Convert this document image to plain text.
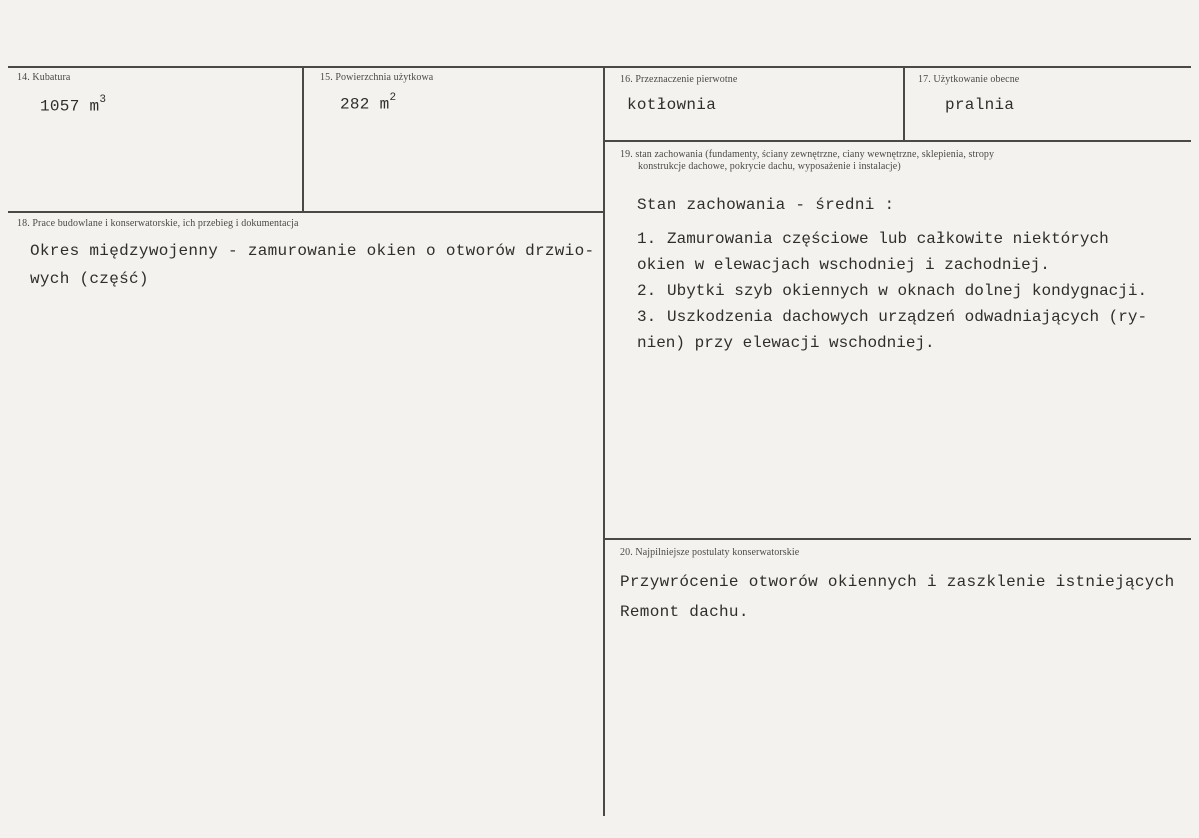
14. Kubatura
1057 $m^3$
15. Powierzchnia użytkowa
282 $m^2$
16. Przeznaczenie pierwotne
kotłownia
17. Użytkowanie obecne
pralnia
18. Prace budowlane i konserwatorskie, ich przebieg i dokumentacja
Okres międzywojenny - zamurowanie okien o otworów drzwio-
wych (część)
19. stan zachowania (fundamenty, ściany zewnętrzne, ciany wewnętrzne, sklepienia, stropy
konstrukcje dachowe, pokrycie dachu, wyposażenie i instalacje)
Stan zachowania - średni :
1. Zamurowania częściowe lub całkowite niektórych
okien w elewacjach wschodniej i zachodniej.
2. Ubytki szyb okiennych w oknach dolnej kondygnacji.
3. Uszkodzenia dachowych urządzeń odwadniających (ry-
nien) przy elewacji wschodniej.
20. Najpilniejsze postulaty konserwatorskie
Przywrócenie otworów okiennych i zaszklenie istniejących
Remont dachu.
